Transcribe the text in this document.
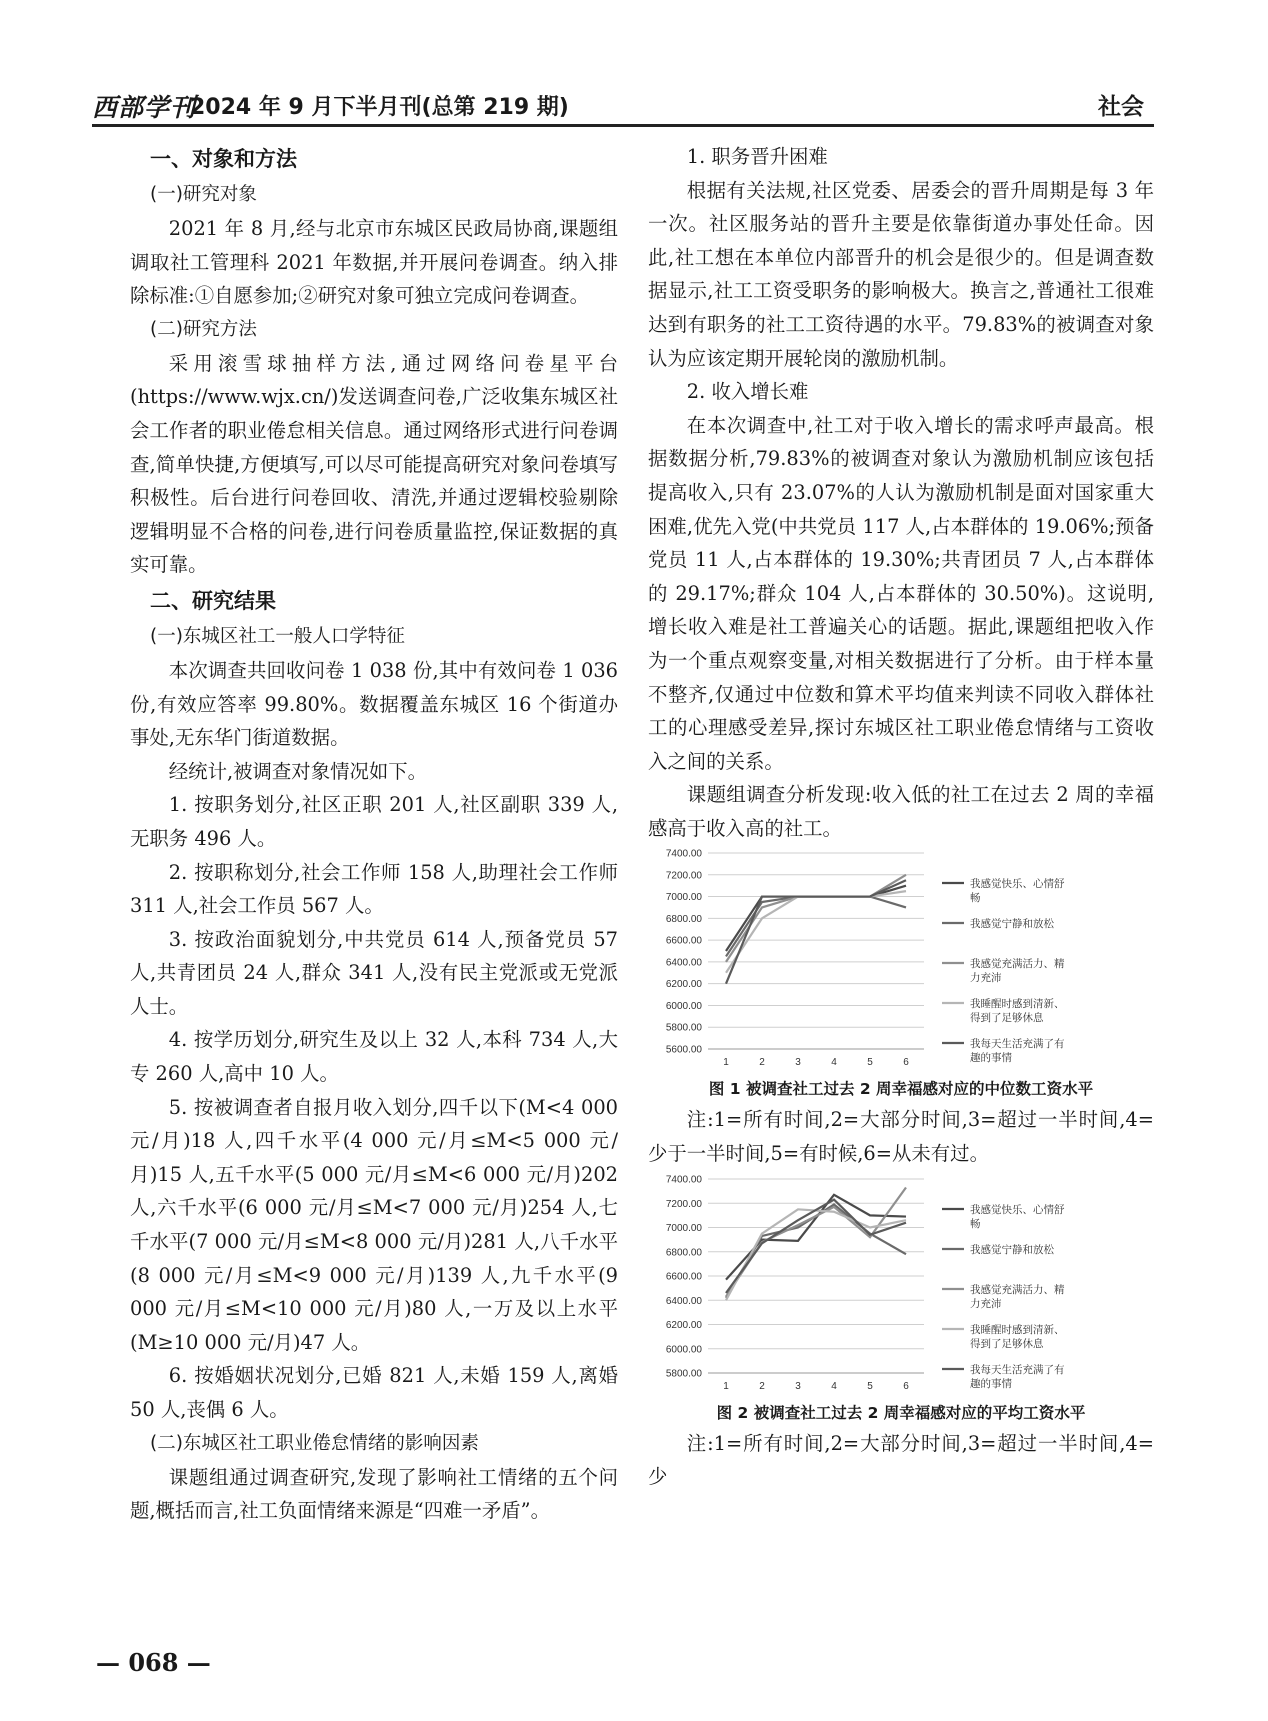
西部学刊
2024 年 9 月下半月刊(总第 219 期)	社会
一、对象和方法
(一)研究对象

2021 年 8 月,经与北京市东城区民政局协商,课题组调取社工管理科 2021 年数据,并开展问卷调查。纳入排除标准:①自愿参加;②研究对象可独立完成问卷调查。

(二)研究方法

采用滚雪球抽样方法,通过网络问卷星平台(https://www.wjx.cn/)发送调查问卷,广泛收集东城区社会工作者的职业倦怠相关信息。通过网络形式进行问卷调查,简单快捷,方便填写,可以尽可能提高研究对象问卷填写积极性。后台进行问卷回收、清洗,并通过逻辑校验剔除逻辑明显不合格的问卷,进行问卷质量监控,保证数据的真实可靠。

二、研究结果
(一)东城区社工一般人口学特征

本次调查共回收问卷 1 038 份,其中有效问卷 1 036 份,有效应答率 99.80%。数据覆盖东城区 16 个街道办事处,无东华门街道数据。

经统计,被调查对象情况如下。

1. 按职务划分,社区正职 201 人,社区副职 339 人,无职务 496 人。

2. 按职称划分,社会工作师 158 人,助理社会工作师 311 人,社会工作员 567 人。

3. 按政治面貌划分,中共党员 614 人,预备党员 57 人,共青团员 24 人,群众 341 人,没有民主党派或无党派人士。

4. 按学历划分,研究生及以上 32 人,本科 734 人,大专 260 人,高中 10 人。

5. 按被调查者自报月收入划分,四千以下(M<4 000 元/月)18 人,四千水平(4 000 元/月≤M<5 000 元/月)15 人,五千水平(5 000 元/月≤M<6 000 元/月)202 人,六千水平(6 000 元/月≤M<7 000 元/月)254 人,七千水平(7 000 元/月≤M<8 000 元/月)281 人,八千水平(8 000 元/月≤M<9 000 元/月)139 人,九千水平(9 000 元/月≤M<10 000 元/月)80 人,一万及以上水平(M≥10 000 元/月)47 人。

6. 按婚姻状况划分,已婚 821 人,未婚 159 人,离婚 50 人,丧偶 6 人。

(二)东城区社工职业倦怠情绪的影响因素

课题组通过调查研究,发现了影响社工情绪的五个问题,概括而言,社工负面情绪来源是“四难一矛盾”。

1. 职务晋升困难

根据有关法规,社区党委、居委会的晋升周期是每 3 年一次。社区服务站的晋升主要是依靠街道办事处任命。因此,社工想在本单位内部晋升的机会是很少的。但是调查数据显示,社工工资受职务的影响极大。换言之,普通社工很难达到有职务的社工工资待遇的水平。79.83%的被调查对象认为应该定期开展轮岗的激励机制。

2. 收入增长难

在本次调查中,社工对于收入增长的需求呼声最高。根据数据分析,79.83%的被调查对象认为激励机制应该包括提高收入,只有 23.07%的人认为激励机制是面对国家重大困难,优先入党(中共党员 117 人,占本群体的 19.06%;预备党员 11 人,占本群体的 19.30%;共青团员 7 人,占本群体的 29.17%;群众 104 人,占本群体的 30.50%)。这说明,增长收入难是社工普遍关心的话题。据此,课题组把收入作为一个重点观察变量,对相关数据进行了分析。由于样本量不整齐,仅通过中位数和算术平均值来判读不同收入群体社工的心理感受差异,探讨东城区社工职业倦怠情绪与工资收入之间的关系。

课题组调查分析发现:收入低的社工在过去 2 周的幸福感高于收入高的社工。

5600.00
5800.00
6000.00
6200.00
6400.00
6600.00
6800.00
7000.00
7200.00
7400.00
1	2	3	4	5	6
我感觉快乐、心情舒畅
我感觉宁静和放松
我感觉充满活力、精力充沛
我睡醒时感到清新、得到了足够休息
我每天生活充满了有趣的事情
图 1 被调查社工过去 2 周幸福感对应的中位数工资水平

注:1=所有时间,2=大部分时间,3=超过一半时间,4=少于一半时间,5=有时候,6=从未有过。

5800.00
6000.00
6200.00
6400.00
6600.00
6800.00
7000.00
7200.00
7400.00
1	2	3	4	5	6
我感觉快乐、心情舒畅
我感觉宁静和放松
我感觉充满活力、精力充沛
我睡醒时感到清新、得到了足够休息
我每天生活充满了有趣的事情
图 2 被调查社工过去 2 周幸福感对应的平均工资水平

注:1=所有时间,2=大部分时间,3=超过一半时间,4=少

— 068 —
